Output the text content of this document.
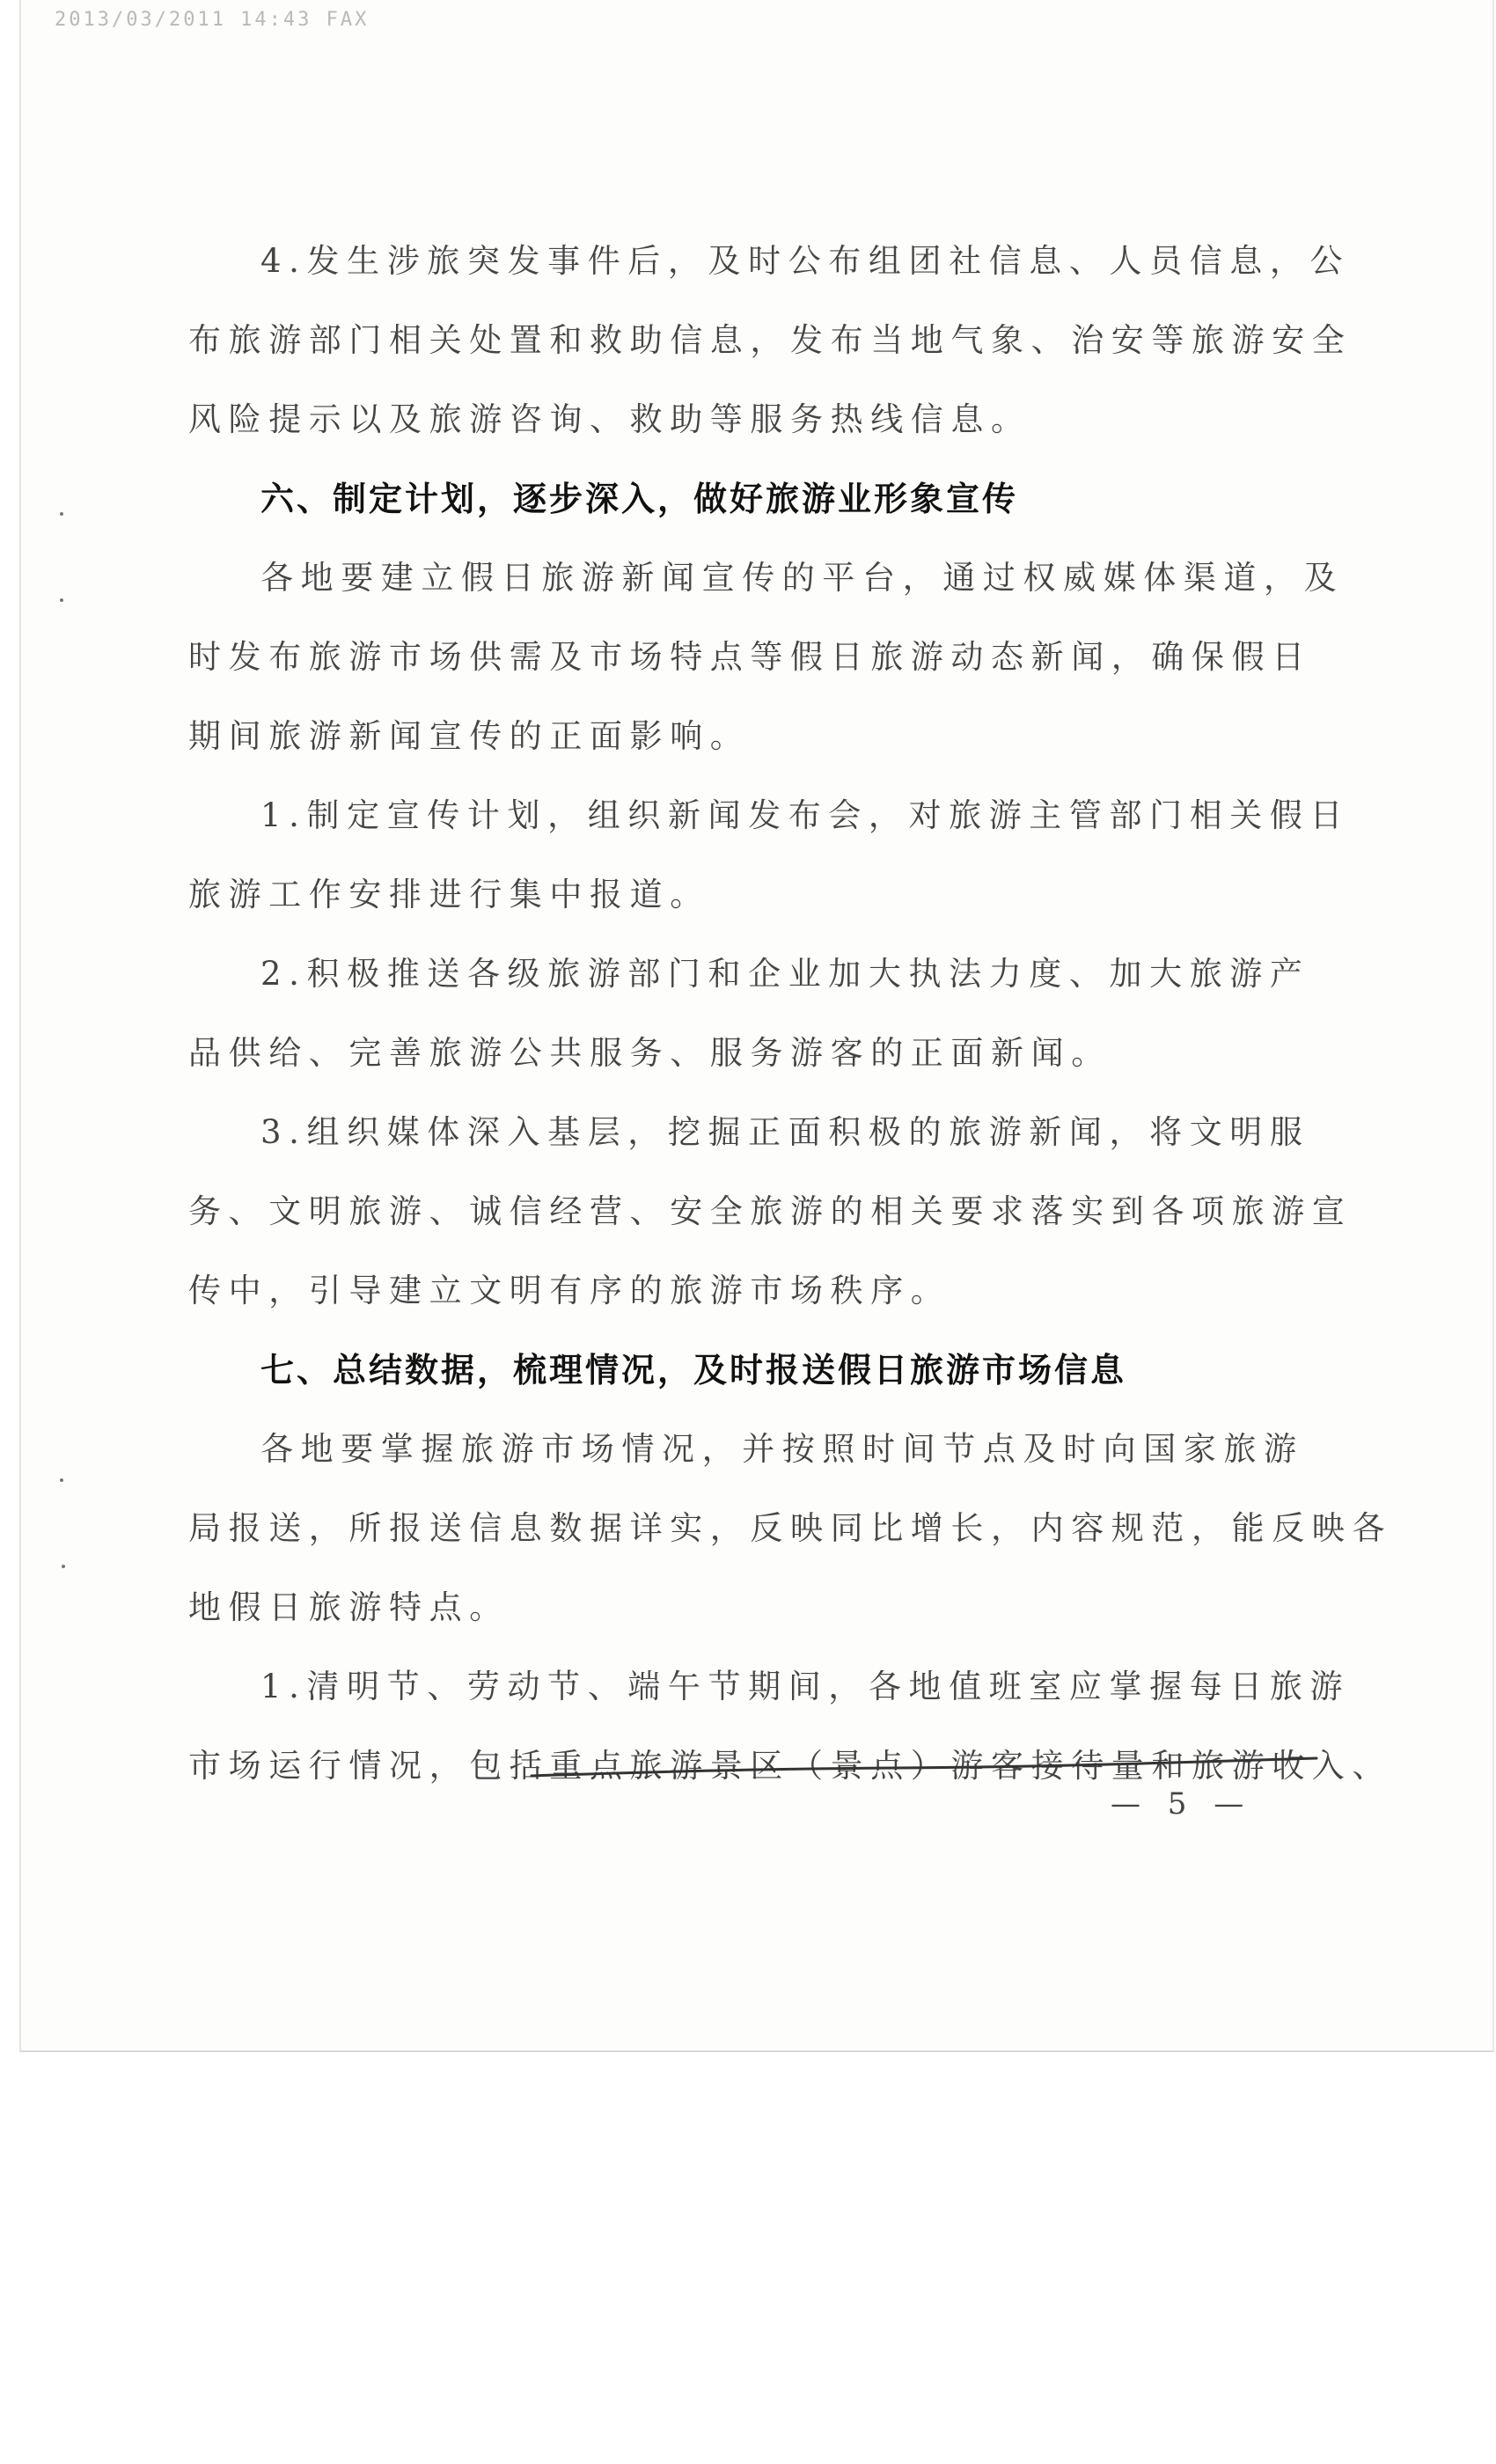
2013/03/2011 14:43 FAX
4.发生涉旅突发事件后，及时公布组团社信息、人员信息，公
布旅游部门相关处置和救助信息，发布当地气象、治安等旅游安全
风险提示以及旅游咨询、救助等服务热线信息。
六、制定计划，逐步深入，做好旅游业形象宣传
各地要建立假日旅游新闻宣传的平台，通过权威媒体渠道，及
时发布旅游市场供需及市场特点等假日旅游动态新闻，确保假日
期间旅游新闻宣传的正面影响。
1.制定宣传计划，组织新闻发布会，对旅游主管部门相关假日
旅游工作安排进行集中报道。
2.积极推送各级旅游部门和企业加大执法力度、加大旅游产
品供给、完善旅游公共服务、服务游客的正面新闻。
3.组织媒体深入基层，挖掘正面积极的旅游新闻，将文明服
务、文明旅游、诚信经营、安全旅游的相关要求落实到各项旅游宣
传中，引导建立文明有序的旅游市场秩序。
七、总结数据，梳理情况，及时报送假日旅游市场信息
各地要掌握旅游市场情况，并按照时间节点及时向国家旅游
局报送，所报送信息数据详实，反映同比增长，内容规范，能反映各
地假日旅游特点。
1.清明节、劳动节、端午节期间，各地值班室应掌握每日旅游
市场运行情况，包括重点旅游景区（景点）游客接待量和旅游收入、
— 5 —
